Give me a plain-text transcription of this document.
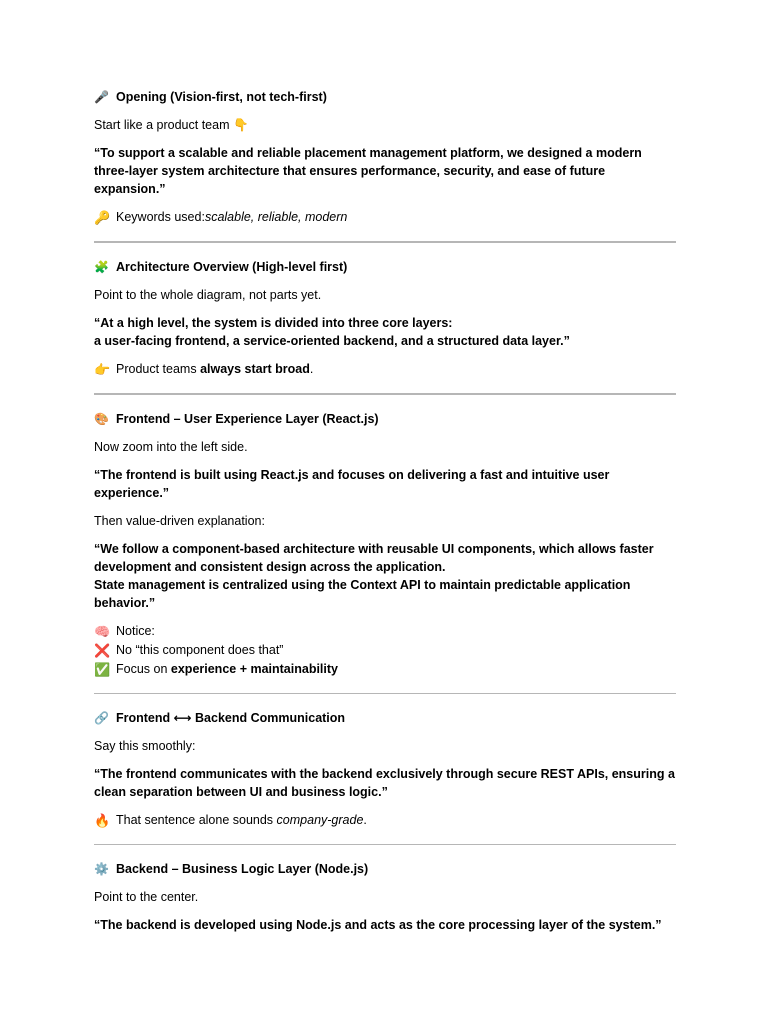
🎤 Opening (Vision-first, not tech-first)

Start like a product team 👇

“To support a scalable and reliable placement management platform, we designed a modern
three-layer system architecture that ensures performance, security, and ease of future expansion.”

🔑 Keywords used: scalable, reliable, modern

🧩 Architecture Overview (High-level first)

Point to the whole diagram, not parts yet.

“At a high level, the system is divided into three core layers:
a user-facing frontend, a service-oriented backend, and a structured data layer.”

👉 Product teams
always start broad .

🎨 Frontend – User Experience Layer (React.js)

Now zoom into the left side.

“The frontend is built using React.js and focuses on delivering a fast and intuitive user experience.”

Then value-driven explanation:

“We follow a component-based architecture with reusable UI components, which allows faster
development and consistent design across the application.
State management is centralized using the Context API to maintain predictable application
behavior.”

🧠 Notice:

❌ No “this component does that”

✅ Focus on
experience + maintainability

🔗 Frontend ⟷ Backend Communication

Say this smoothly:

“The frontend communicates with the backend exclusively through secure REST APIs, ensuring a
clean separation between UI and business logic.”

🔥 That sentence alone sounds
company-grade .

⚙️ Backend – Business Logic Layer (Node.js)

Point to the center.

“The backend is developed using Node.js and acts as the core processing layer of the system.”
